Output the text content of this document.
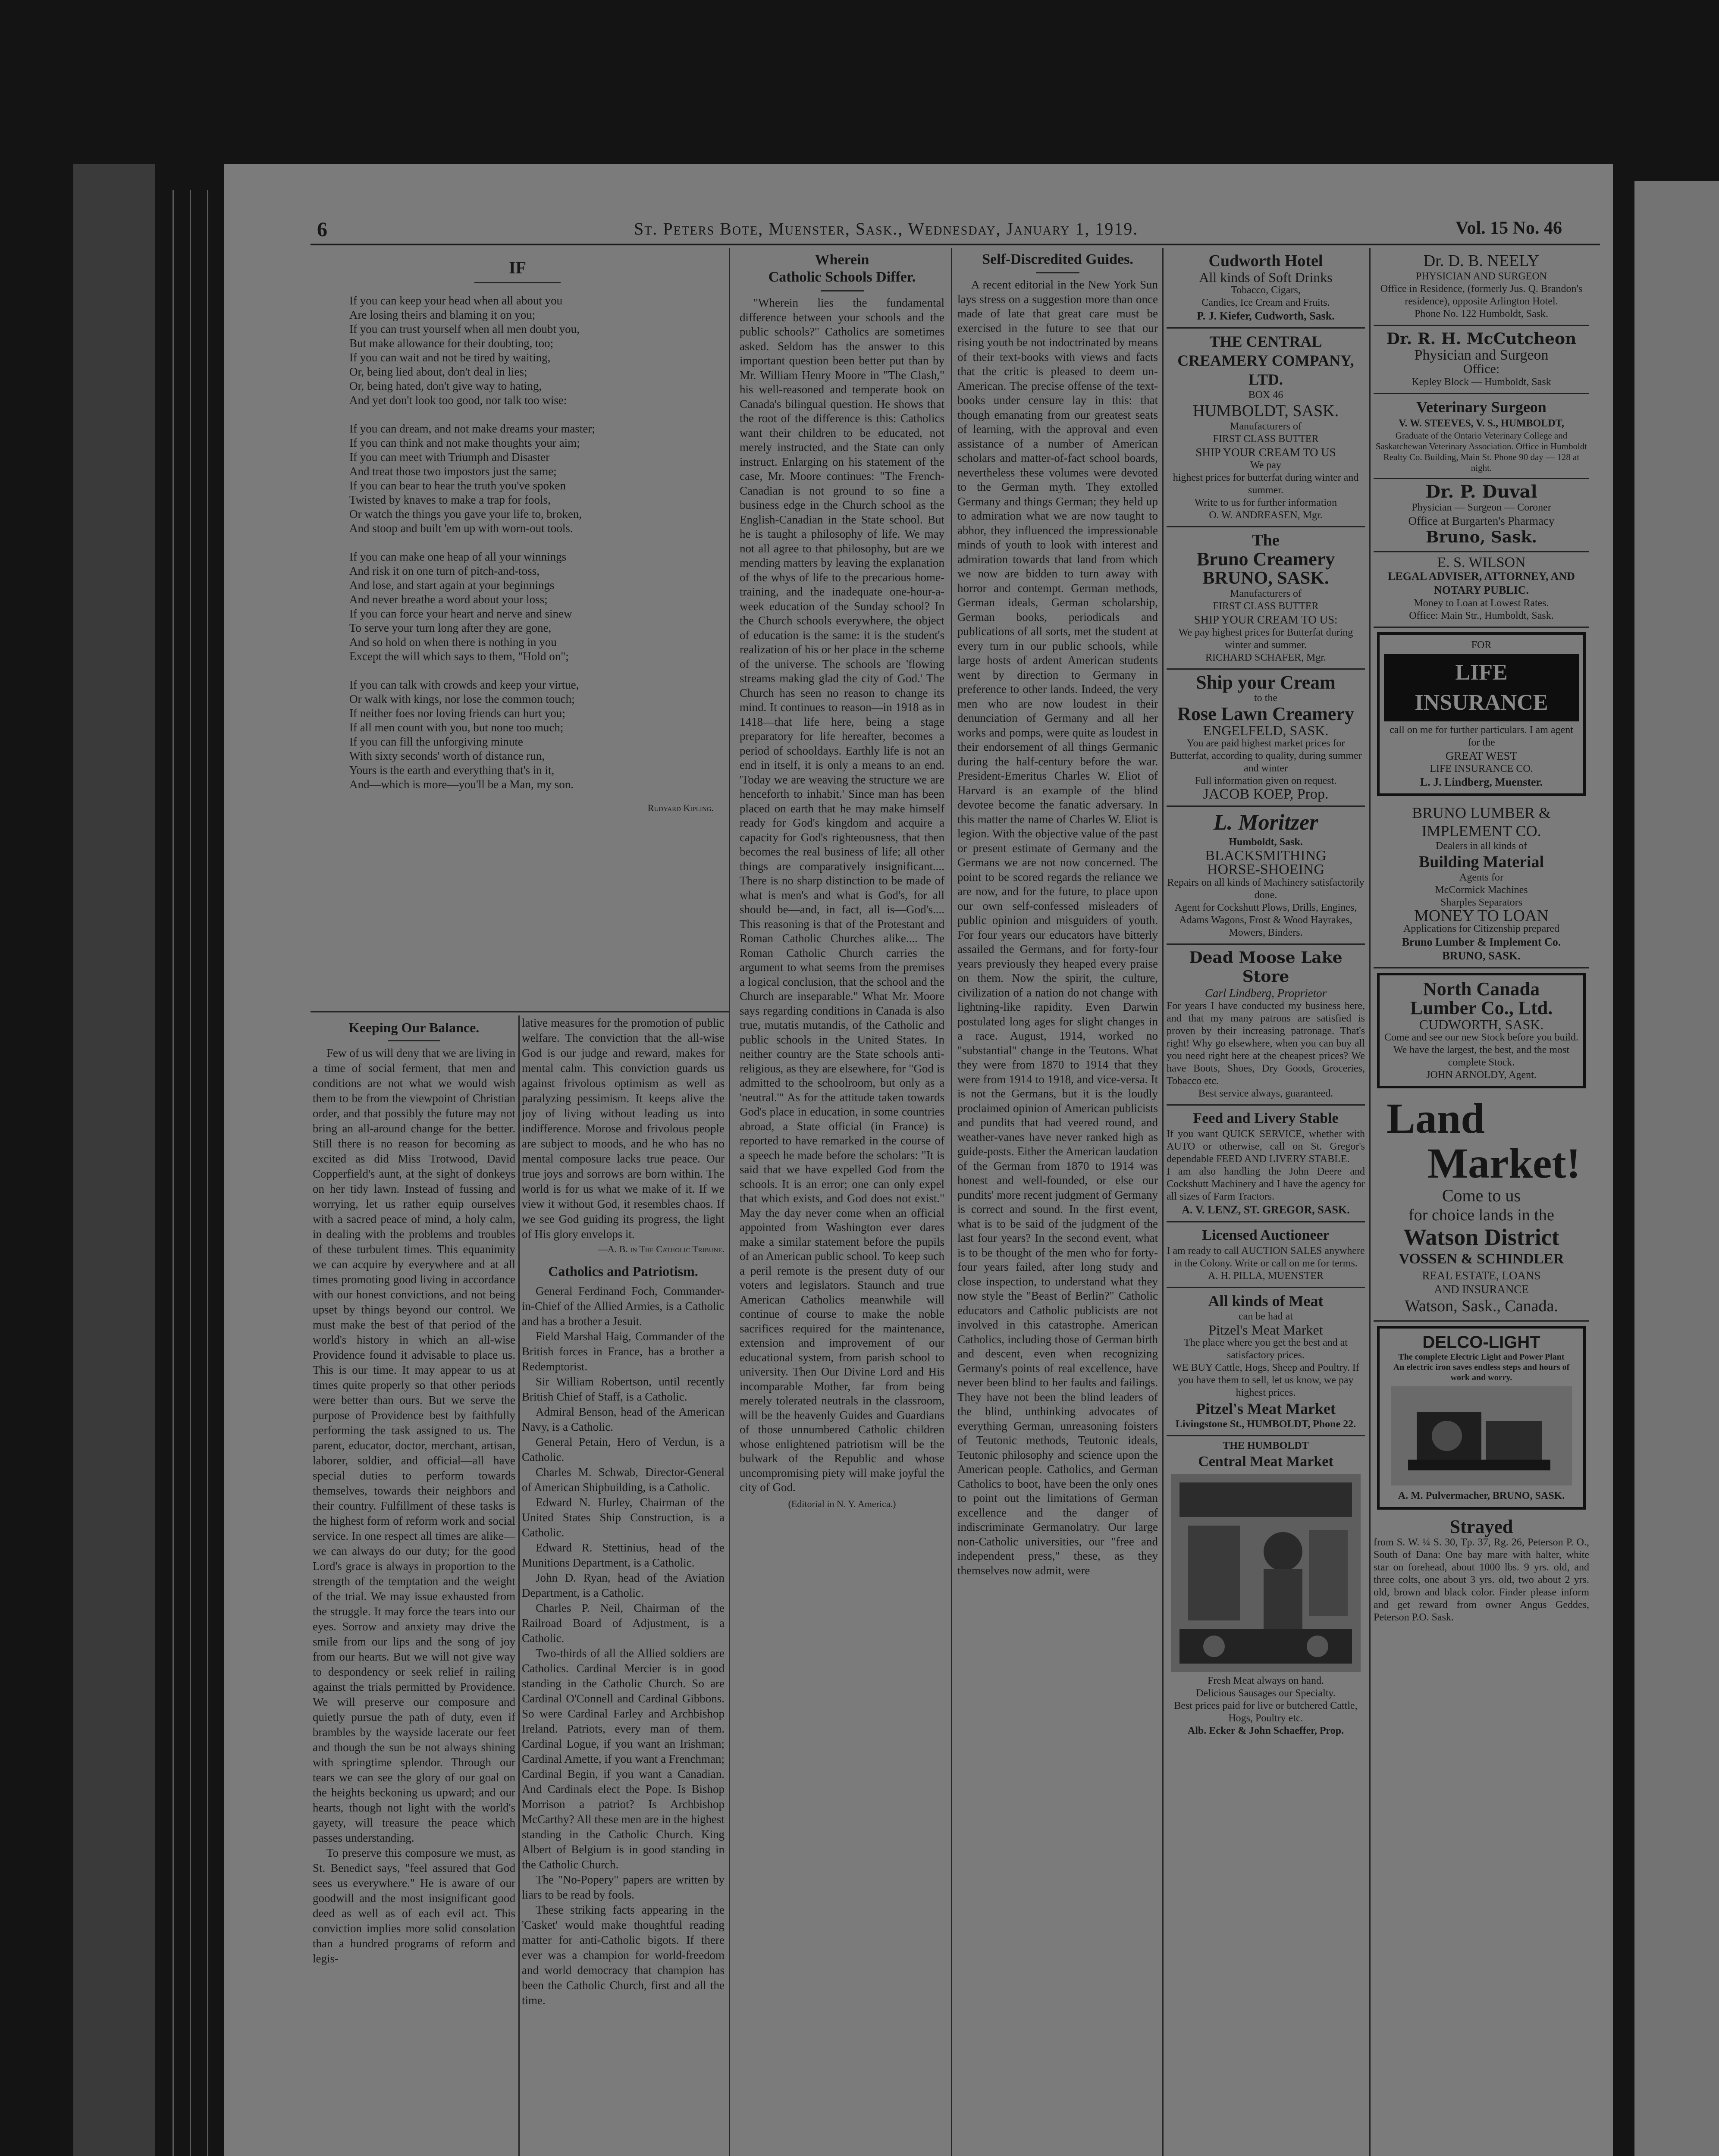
6	St. Peters Bote, Muenster, Sask., Wednesday, January 1, 1919.	Vol. 15 No. 46
IF
If you can keep your head when all about you
Are losing theirs and blaming it on you;
If you can trust yourself when all men doubt you,
But make allowance for their doubting, too;
If you can wait and not be tired by waiting,
Or, being lied about, don't deal in lies;
Or, being hated, don't give way to hating,
And yet don't look too good, nor talk too wise:
If you can dream, and not make dreams your master;
If you can think and not make thoughts your aim;
If you can meet with Triumph and Disaster
And treat those two impostors just the same;
If you can bear to hear the truth you've spoken
Twisted by knaves to make a trap for fools,
Or watch the things you gave your life to, broken,
And stoop and built 'em up with worn-out tools.
If you can make one heap of all your winnings
And risk it on one turn of pitch-and-toss,
And lose, and start again at your beginnings
And never breathe a word about your loss;
If you can force your heart and nerve and sinew
To serve your turn long after they are gone,
And so hold on when there is nothing in you
Except the will which says to them, "Hold on";
If you can talk with crowds and keep your virtue,
Or walk with kings, nor lose the common touch;
If neither foes nor loving friends can hurt you;
If all men count with you, but none too much;
If you can fill the unforgiving minute
With sixty seconds' worth of distance run,
Yours is the earth and everything that's in it,
And—which is more—you'll be a Man, my son.
Rudyard Kipling.
Keeping Our Balance.

Few of us will deny that we are living in a time of social ferment, that men and conditions are not what we would wish them to be from the viewpoint of Christian order, and that possibly the future may not bring an all-around change for the better. Still there is no reason for becoming as excited as did Miss Trotwood, David Copperfield's aunt, at the sight of donkeys on her tidy lawn. Instead of fussing and worrying, let us rather equip ourselves with a sacred peace of mind, a holy calm, in dealing with the problems and troubles of these turbulent times. This equanimity we can acquire by everywhere and at all times promoting good living in accordance with our honest convictions, and not being upset by things beyond our control. We must make the best of that period of the world's history in which an all-wise Providence found it advisable to place us. This is our time. It may appear to us at times quite properly so that other periods were better than ours. But we serve the purpose of Providence best by faithfully performing the task assigned to us. The parent, educator, doctor, merchant, artisan, laborer, soldier, and official—all have special duties to perform towards themselves, towards their neighbors and their country. Fulfillment of these tasks is the highest form of reform work and social service. In one respect all times are alike—we can always do our duty; for the good Lord's grace is always in proportion to the strength of the temptation and the weight of the trial. We may issue exhausted from the struggle. It may force the tears into our eyes. Sorrow and anxiety may drive the smile from our lips and the song of joy from our hearts. But we will not give way to despondency or seek relief in railing against the trials permitted by Providence. We will preserve our composure and quietly pursue the path of duty, even if brambles by the wayside lacerate our feet and though the sun be not always shining with springtime splendor. Through our tears we can see the glory of our goal on the heights beckoning us upward; and our hearts, though not light with the world's gayety, will treasure the peace which passes understanding.

To preserve this composure we must, as St. Benedict says, "feel assured that God sees us everywhere." He is aware of our goodwill and the most insignificant good deed as well as of each evil act. This conviction implies more solid consolation than a hundred programs of reform and legis-

lative measures for the promotion of public welfare. The conviction that the all-wise God is our judge and reward, makes for mental calm. This conviction guards us against frivolous optimism as well as paralyzing pessimism. It keeps alive the joy of living without leading us into indifference. Morose and frivolous people are subject to moods, and he who has no mental composure lacks true peace. Our true joys and sorrows are born within. The world is for us what we make of it. If we view it without God, it resembles chaos. If we see God guiding its progress, the light of His glory envelops it.

—A. B. in The Catholic Tribune.
Catholics and Patriotism.

General Ferdinand Foch, Commander-in-Chief of the Allied Armies, is a Catholic and has a brother a Jesuit.

Field Marshal Haig, Commander of the British forces in France, has a brother a Redemptorist.

Sir William Robertson, until recently British Chief of Staff, is a Catholic.

Admiral Benson, head of the American Navy, is a Catholic.

General Petain, Hero of Verdun, is a Catholic.

Charles M. Schwab, Director-General of American Shipbuilding, is a Catholic.

Edward N. Hurley, Chairman of the United States Ship Construction, is a Catholic.

Edward R. Stettinius, head of the Munitions Department, is a Catholic.

John D. Ryan, head of the Aviation Department, is a Catholic.

Charles P. Neil, Chairman of the Railroad Board of Adjustment, is a Catholic.

Two-thirds of all the Allied soldiers are Catholics. Cardinal Mercier is in good standing in the Catholic Church. So are Cardinal O'Connell and Cardinal Gibbons. So were Cardinal Farley and Archbishop Ireland. Patriots, every man of them. Cardinal Logue, if you want an Irishman; Cardinal Amette, if you want a Frenchman; Cardinal Begin, if you want a Canadian. And Cardinals elect the Pope. Is Bishop Morrison a patriot? Is Archbishop McCarthy? All these men are in the highest standing in the Catholic Church. King Albert of Belgium is in good standing in the Catholic Church.

The "No-Popery" papers are written by liars to be read by fools.

These striking facts appearing in the 'Casket' would make thoughtful reading matter for anti-Catholic bigots. If there ever was a champion for world-freedom and world democracy that champion has been the Catholic Church, first and all the time.

Wherein
Catholic Schools Differ.

"Wherein lies the fundamental difference between your schools and the public schools?" Catholics are sometimes asked. Seldom has the answer to this important question been better put than by Mr. William Henry Moore in "The Clash," his well-reasoned and temperate book on Canada's bilingual question. He shows that the root of the difference is this: Catholics want their children to be educated, not merely instructed, and the State can only instruct. Enlarging on his statement of the case, Mr. Moore continues: "The French-Canadian is not ground to so fine a business edge in the Church school as the English-Canadian in the State school. But he is taught a philosophy of life. We may not all agree to that philosophy, but are we mending matters by leaving the explanation of the whys of life to the precarious home-training, and the inadequate one-hour-a-week education of the Sunday school? In the Church schools everywhere, the object of education is the same: it is the student's realization of his or her place in the scheme of the universe. The schools are 'flowing streams making glad the city of God.' The Church has seen no reason to change its mind. It continues to reason—in 1918 as in 1418—that life here, being a stage preparatory for life hereafter, becomes a period of schooldays. Earthly life is not an end in itself, it is only a means to an end. 'Today we are weaving the structure we are henceforth to inhabit.' Since man has been placed on earth that he may make himself ready for God's kingdom and acquire a capacity for God's righteousness, that then becomes the real business of life; all other things are comparatively insignificant.... There is no sharp distinction to be made of what is men's and what is God's, for all should be—and, in fact, all is—God's.... This reasoning is that of the Protestant and Roman Catholic Churches alike.... The Roman Catholic Church carries the argument to what seems from the premises a logical conclusion, that the school and the Church are inseparable." What Mr. Moore says regarding conditions in Canada is also true, mutatis mutandis, of the Catholic and public schools in the United States. In neither country are the State schools anti-religious, as they are elsewhere, for "God is admitted to the schoolroom, but only as a 'neutral.'" As for the attitude taken towards God's place in education, in some countries abroad, a State official (in France) is reported to have remarked in the course of a speech he made before the scholars: "It is said that we have expelled God from the schools. It is an error; one can only expel that which exists, and God does not exist." May the day never come when an official appointed from Washington ever dares make a similar statement before the pupils of an American public school. To keep such a peril remote is the present duty of our voters and legislators. Staunch and true American Catholics meanwhile will continue of course to make the noble sacrifices required for the maintenance, extension and improvement of our educational system, from parish school to university. Then Our Divine Lord and His incomparable Mother, far from being merely tolerated neutrals in the classroom, will be the heavenly Guides and Guardians of those unnumbered Catholic children whose enlightened patriotism will be the bulwark of the Republic and whose uncompromising piety will make joyful the city of God.

(Editorial in N. Y. America.)
Self-Discredited Guides.

A recent editorial in the New York Sun lays stress on a suggestion more than once made of late that great care must be exercised in the future to see that our rising youth be not indoctrinated by means of their text-books with views and facts that the critic is pleased to deem un-American. The precise offense of the text-books under censure lay in this: that though emanating from our greatest seats of learning, with the approval and even assistance of a number of American scholars and matter-of-fact school boards, nevertheless these volumes were devoted to the German myth. They extolled Germany and things German; they held up to admiration what we are now taught to abhor, they influenced the impressionable minds of youth to look with interest and admiration towards that land from which we now are bidden to turn away with horror and contempt. German methods, German ideals, German scholarship, German books, periodicals and publications of all sorts, met the student at every turn in our public schools, while large hosts of ardent American students went by direction to Germany in preference to other lands. Indeed, the very men who are now loudest in their denunciation of Germany and all her works and pomps, were quite as loudest in their endorsement of all things Germanic during the half-century before the war. President-Emeritus Charles W. Eliot of Harvard is an example of the blind devotee become the fanatic adversary. In this matter the name of Charles W. Eliot is legion. With the objective value of the past or present estimate of Germany and the Germans we are not now concerned. The point to be scored regards the reliance we are now, and for the future, to place upon our own self-confessed misleaders of public opinion and misguiders of youth. For four years our educators have bitterly assailed the Germans, and for forty-four years previously they heaped every praise on them. Now the spirit, the culture, civilization of a nation do not change with lightning-like rapidity. Even Darwin postulated long ages for slight changes in a race. August, 1914, worked no "substantial" change in the Teutons. What they were from 1870 to 1914 that they were from 1914 to 1918, and vice-versa. It is not the Germans, but it is the loudly proclaimed opinion of American publicists and pundits that had veered round, and weather-vanes have never ranked high as guide-posts. Either the American laudation of the German from 1870 to 1914 was honest and well-founded, or else our pundits' more recent judgment of Germany is correct and sound. In the first event, what is to be said of the judgment of the last four years? In the second event, what is to be thought of the men who for forty-four years failed, after long study and close inspection, to understand what they now style the "Beast of Berlin?" Catholic educators and Catholic publicists are not involved in this catastrophe. American Catholics, including those of German birth and descent, even when recognizing Germany's points of real excellence, have never been blind to her faults and failings. They have not been the blind leaders of the blind, unthinking advocates of everything German, unreasoning foisters of Teutonic methods, Teutonic ideals, Teutonic philosophy and science upon the American people. Catholics, and German Catholics to boot, have been the only ones to point out the limitations of German excellence and the danger of indiscriminate Germanolatry. Our large non-Catholic universities, our "free and independent press," these, as they themselves now admit, were

Cudworth Hotel
All kinds of Soft Drinks
Tobacco, Cigars,
Candies, Ice Cream and Fruits.
P. J. Kiefer, Cudworth, Sask.
THE CENTRAL CREAMERY COMPANY, LTD.
BOX 46
HUMBOLDT, SASK.
Manufacturers of
FIRST CLASS BUTTER
SHIP YOUR CREAM TO US
We pay
highest prices for butterfat during winter and summer.
Write to us for further information
O. W. ANDREASEN, Mgr.
The
Bruno Creamery
BRUNO, SASK.
Manufacturers of
FIRST CLASS BUTTER
SHIP YOUR CREAM TO US:
We pay highest prices for Butterfat during winter and summer.
RICHARD SCHAFER, Mgr.
Ship your Cream
to the
Rose Lawn Creamery
ENGELFELD, SASK.
You are paid highest market prices for Butterfat, according to quality, during summer and winter
Full information given on request.
JACOB KOEP, Prop.
L. Moritzer
Humboldt, Sask.
BLACKSMITHING
HORSE-SHOEING
Repairs on all kinds of Machinery satisfactorily done.
Agent for Cockshutt Plows, Drills, Engines, Adams Wagons, Frost & Wood Hayrakes, Mowers, Binders.
Dead Moose Lake Store
Carl Lindberg, Proprietor
For years I have conducted my business here, and that my many patrons are satisfied is proven by their increasing patronage. That's right! Why go elsewhere, when you can buy all you need right here at the cheapest prices? We have Boots, Shoes, Dry Goods, Groceries, Tobacco etc.
Best service always, guaranteed.
Feed and Livery Stable
If you want QUICK SERVICE, whether with AUTO or otherwise, call on St. Gregor's dependable FEED AND LIVERY STABLE.
I am also handling the John Deere and Cockshutt Machinery and I have the agency for all sizes of Farm Tractors.
A. V. LENZ, ST. GREGOR, SASK.
Licensed Auctioneer
I am ready to call AUCTION SALES anywhere in the Colony. Write or call on me for terms.
A. H. PILLA, MUENSTER
All kinds of Meat
can be had at
Pitzel's Meat Market
The place where you get the best and at satisfactory prices.
WE BUY Cattle, Hogs, Sheep and Poultry. If you have them to sell, let us know, we pay highest prices.
Pitzel's Meat Market
Livingstone St., HUMBOLDT, Phone 22.
THE HUMBOLDT
Central Meat Market
Fresh Meat always on hand.
Delicious Sausages our Specialty.
Best prices paid for live or butchered Cattle, Hogs, Poultry etc.
Alb. Ecker & John Schaeffer, Prop.
Dr. D. B. NEELY
PHYSICIAN AND SURGEON
Office in Residence, (formerly Jus. Q. Brandon's residence), opposite Arlington Hotel.
Phone No. 122 Humboldt, Sask.
Dr. R. H. McCutcheon
Physician and Surgeon
Office:
Kepley Block — Humboldt, Sask
Veterinary Surgeon
V. W. STEEVES, V. S., HUMBOLDT,
Graduate of the Ontario Veterinary College and Saskatchewan Veterinary Association. Office in Humboldt Realty Co. Building, Main St. Phone 90 day — 128 at night.
Dr. P. Duval
Physician — Surgeon — Coroner
Office at Burgarten's Pharmacy
Bruno, Sask.
E. S. WILSON
LEGAL ADVISER, ATTORNEY, AND NOTARY PUBLIC.
Money to Loan at Lowest Rates.
Office: Main Str., Humboldt, Sask.
FOR
LIFE INSURANCE
call on me for further particulars. I am agent for the
GREAT WEST
LIFE INSURANCE CO.
L. J. Lindberg, Muenster.
BRUNO LUMBER & IMPLEMENT CO.
Dealers in all kinds of
Building Material
Agents for
McCormick Machines
Sharples Separators
MONEY TO LOAN
Applications for Citizenship prepared
Bruno Lumber & Implement Co.
BRUNO, SASK.
North Canada
Lumber Co., Ltd.
CUDWORTH, SASK.
Come and see our new Stock before you build.
We have the largest, the best, and the most complete Stock.
JOHN ARNOLDY, Agent.
Land
Market!
Come to us
for choice lands in the
Watson District
VOSSEN & SCHINDLER
REAL ESTATE, LOANS
AND INSURANCE
Watson, Sask., Canada.
DELCO-LIGHT
The complete Electric Light and Power Plant
An electric iron saves endless steps and hours of work and worry.
A. M. Pulvermacher, BRUNO, SASK.
Strayed
from S. W. ¼ S. 30, Tp. 37, Rg. 26, Peterson P. O., South of Dana: One bay mare with halter, white star on forehead, about 1000 lbs. 9 yrs. old, and three colts, one about 3 yrs. old, two about 2 yrs. old, brown and black color. Finder please inform and get reward from owner Angus Geddes, Peterson P.O. Sask.
